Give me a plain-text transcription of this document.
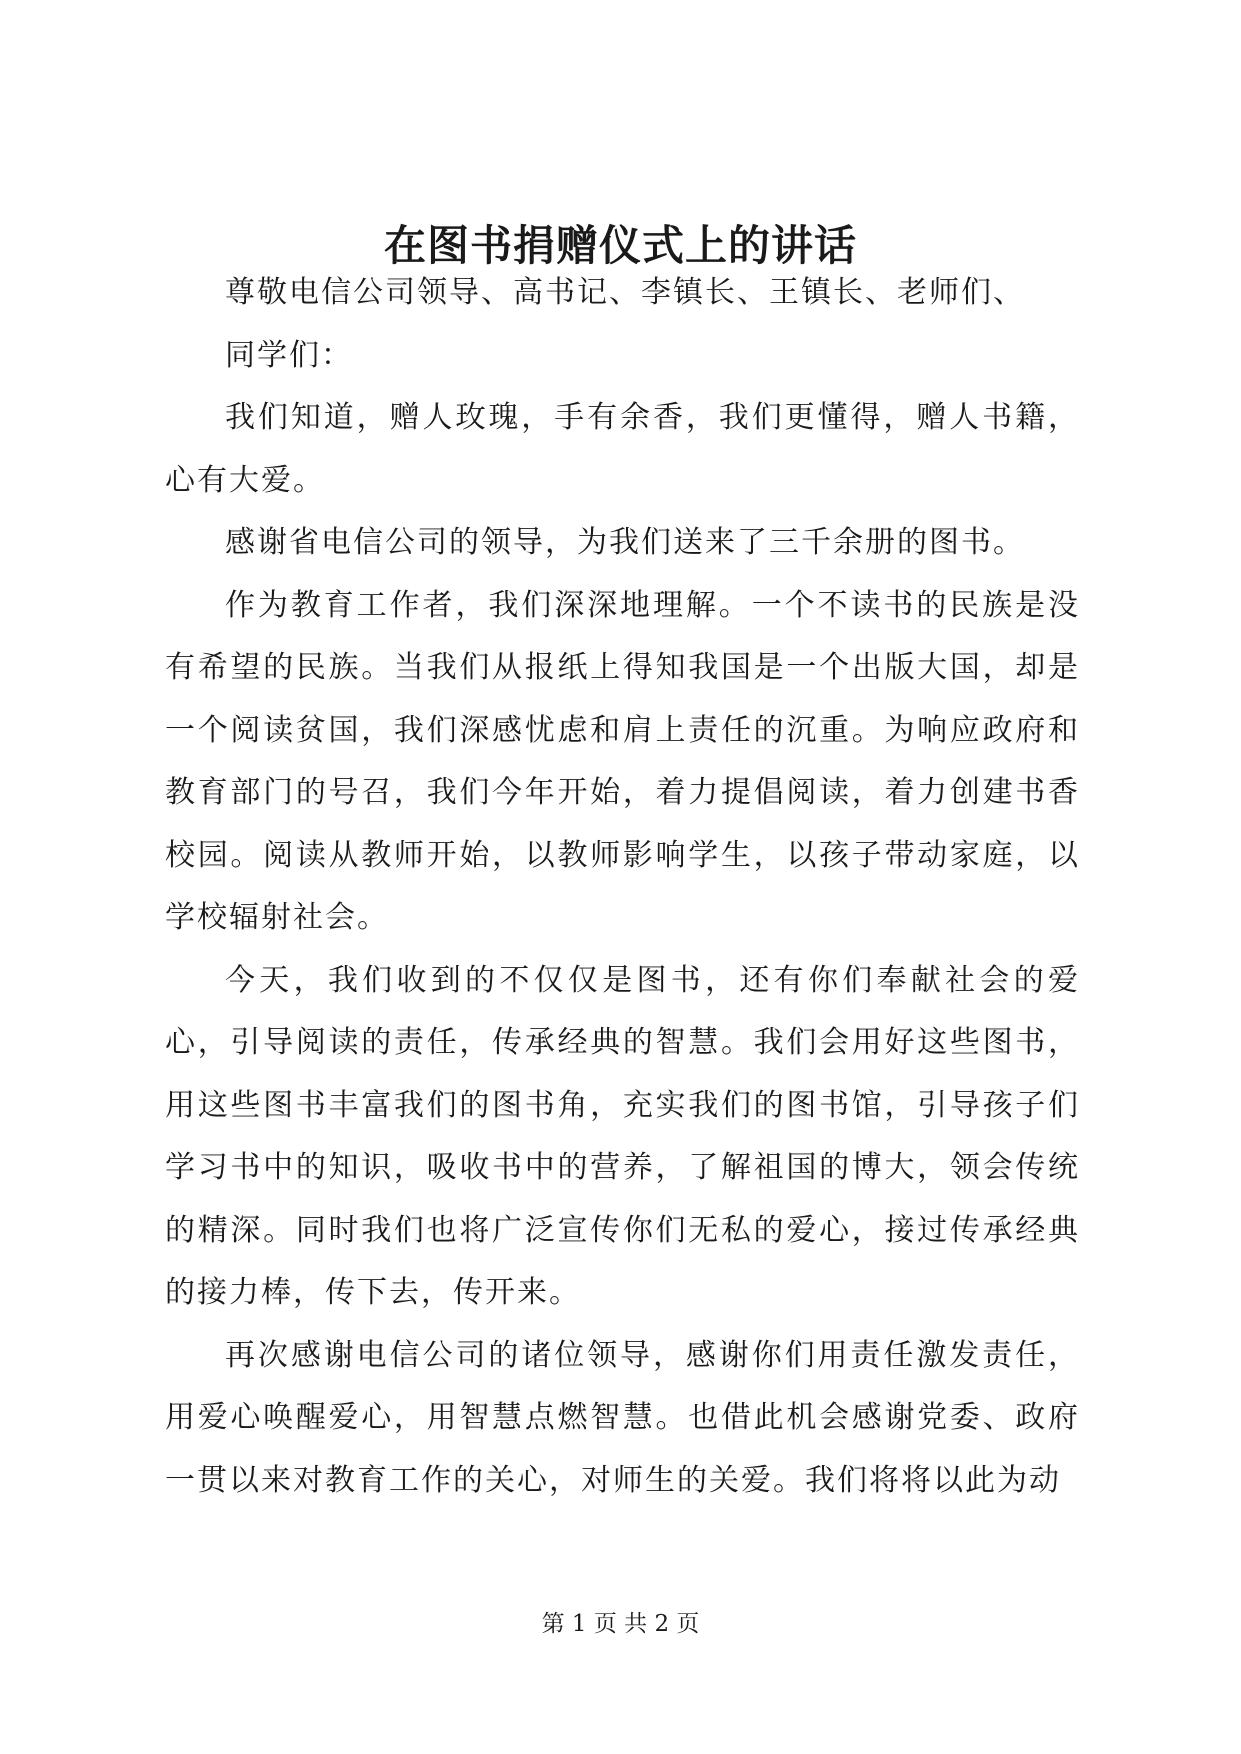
在图书捐赠仪式上的讲话

尊敬电信公司领导、高书记、李镇长、王镇长、老师们、

同学们：

我们知道，赠人玫瑰，手有余香，我们更懂得，赠人书籍，心有大爱。

感谢省电信公司的领导，为我们送来了三千余册的图书。

作为教育工作者，我们深深地理解。一个不读书的民族是没有希望的民族。当我们从报纸上得知我国是一个出版大国，却是一个阅读贫国，我们深感忧虑和肩上责任的沉重。为响应政府和教育部门的号召，我们今年开始，着力提倡阅读，着力创建书香校园。阅读从教师开始，以教师影响学生，以孩子带动家庭，以学校辐射社会。

今天，我们收到的不仅仅是图书，还有你们奉献社会的爱心，引导阅读的责任，传承经典的智慧。我们会用好这些图书，用这些图书丰富我们的图书角，充实我们的图书馆，引导孩子们学习书中的知识，吸收书中的营养，了解祖国的博大，领会传统的精深。同时我们也将广泛宣传你们无私的爱心，接过传承经典的接力棒，传下去，传开来。

再次感谢电信公司的诸位领导，感谢你们用责任激发责任，用爱心唤醒爱心，用智慧点燃智慧。也借此机会感谢党委、政府一贯以来对教育工作的关心，对师生的关爱。我们将将以此为动

第 1 页 共 2 页
